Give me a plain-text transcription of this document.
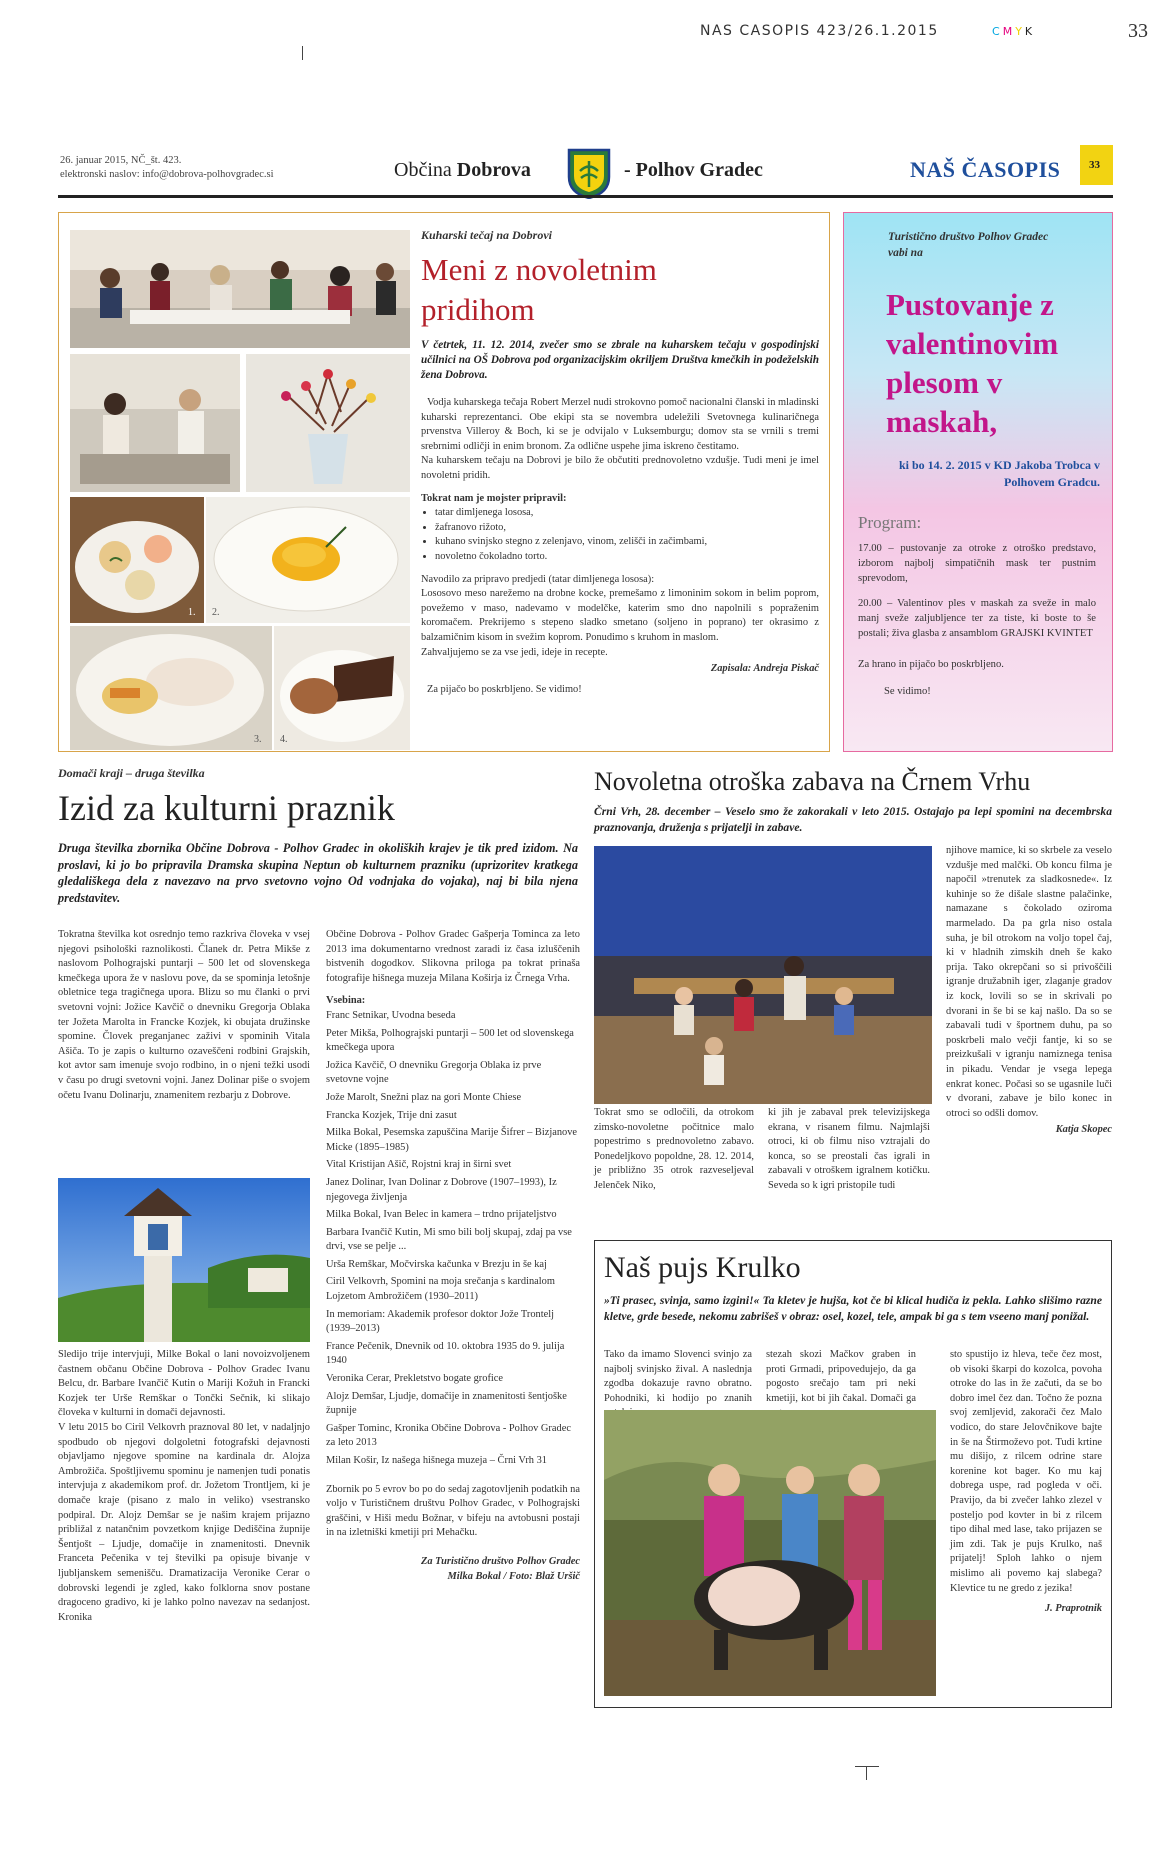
NAS CASOPIS 423/26.1.2015	CMYK	33
26. januar 2015, NČ_št. 423.
elektronski naslov: info@dobrova-polhovgradec.si	Občina Dobrova	- Polhov Gradec	NAŠ ČASOPIS	33
1. 2.
3. 4.
Kuharski tečaj na Dobrovi
Meni z novoletnim pridihom
V četrtek, 11. 12. 2014, zvečer smo se zbrale na kuharskem tečaju v gospodinjski učilnici na OŠ Dobrova pod organizacijskim okriljem Društva kmečkih in podeželskih žena Dobrova.

Vodja kuharskega tečaja Robert Merzel nudi strokovno pomoč nacionalni članski in mladinski kuharski reprezentanci. Obe ekipi sta se novembra udeležili Svetovnega kulinaričnega prvenstva Villeroy & Boch, ki se je odvijalo v Luksemburgu; domov sta se vrnili s tremi srebrnimi odličji in enim bronom. Za odlične uspehe jima iskreno čestitamo.

Na kuharskem tečaju na Dobrovi je bilo že občutiti prednovoletno vzdušje. Tudi meni je imel novoletni pridih.

Tokrat nam je mojster pripravil:

• tatar dimljenega lososa,
• žafranovo rižoto,
• kuhano svinjsko stegno z zelenjavo, vinom, zelišči in začimbami,
• novoletno čokoladno torto.

Navodilo za pripravo predjedi (tatar dimljenega lososa):

Lososovo meso narežemo na drobne kocke, premešamo z limoninim sokom in belim poprom, povežemo v maso, nadevamo v modelčke, katerim smo dno napolnili s popraženim koromačem. Prekrijemo s stepeno sladko smetano (soljeno in poprano) ter okrasimo z balzamičnim kisom in svežim koprom. Ponudimo s kruhom in maslom.

Zahvaljujemo se za vse jedi, ideje in recepte.

Zapisala: Andreja Piskač

Za pijačo bo poskrbljeno. Se vidimo!

Turistično društvo Polhov Gradec
vabi na
Pustovanje z valentinovim plesom v maskah,
ki bo 14. 2. 2015 v KD Jakoba Trobca v Polhovem Gradcu.
Program:

17.00 – pustovanje za otroke z otroško predstavo, izborom najbolj simpatičnih mask ter pustnim sprevodom,

20.00 – Valentinov ples v maskah za sveže in malo manj sveže zaljubljence ter za tiste, ki boste to še postali; živa glasba z ansamblom GRAJSKI KVINTET

Za hrano in pijačo bo poskrbljeno.

Se vidimo!

Domači kraji – druga številka
Izid za kulturni praznik
Druga številka zbornika Občine Dobrova - Polhov Gradec in okoliških krajev je tik pred izidom. Na proslavi, ki jo bo pripravila Dramska skupina Neptun ob kulturnem prazniku (uprizoritev kratkega gledališkega dela z navezavo na prvo svetovno vojno Od vodnjaka do vojaka), naj bi bila njena predstavitev.
Tokratna številka kot osrednjo temo razkriva človeka v vsej njegovi psihološki raznolikosti. Članek dr. Petra Mikše z naslovom Polhograjski puntarji – 500 let od slovenskega kmečkega upora že v naslovu pove, da se spominja letošnje obletnice tega tragičnega upora. Blizu so mu članki o prvi svetovni vojni: Jožice Kavčič o dnevniku Gregorja Oblaka ter Jožeta Marolta in Francke Kozjek, ki obujata družinske spomine. Človek preganjanec zaživi v spominih Vitala Ašiča. To je zapis o kulturno ozaveščeni rodbini Grajskih, kot avtor sam imenuje svojo rodbino, in o njeni težki usodi v času po drugi svetovni vojni. Janez Dolinar piše o svojem očetu Ivanu Dolinarju, znamenitem rezbarju z Dobrove.

Sledijo trije intervjuji, Milke Bokal o lani novoizvoljenem častnem občanu Občine Dobrova - Polhov Gradec Ivanu Belcu, dr. Barbare Ivančič Kutin o Mariji Kožuh in Francki Kozjek ter Urše Remškar o Tončki Sečnik, ki slikajo človeka v kulturni in domači dejavnosti.

V letu 2015 bo Ciril Velkovrh praznoval 80 let, v nadaljnjo spodbudo ob njegovi dolgoletni fotografski dejavnosti objavljamo njegove spomine na kardinala dr. Alojza Ambrožiča. Spoštljivemu spominu je namenjen tudi ponatis intervjuja z akademikom prof. dr. Jožetom Trontljem, ki je domače kraje (pisano z malo in veliko) vsestransko podpiral. Dr. Alojz Demšar se je našim krajem prijazno približal z natančnim povzetkom knjige Dediščina župnije Šentjošt – Ljudje, domačije in znamenitosti. Dnevnik Franceta Pečenika v tej številki pa opisuje bivanje v ljubljanskem semenišču. Dramatizacija Veronike Cerar o dobrovski legendi je zgled, kako folklorna snov postane dragoceno gradivo, ki je lahko polno navezav na sedanjost. Kronika

Občine Dobrova - Polhov Gradec Gašperja Tominca za leto 2013 ima dokumentarno vrednost zaradi iz časa izluščenih bistvenih dogodkov. Slikovna priloga pa tokrat prinaša fotografije hišnega muzeja Milana Koširja iz Črnega Vrha.

Vsebina:

Franc Setnikar, Uvodna beseda

Peter Mikša, Polhograjski puntarji – 500 let od slovenskega kmečkega upora

Jožica Kavčič, O dnevniku Gregorja Oblaka iz prve svetovne vojne

Jože Marolt, Snežni plaz na gori Monte Chiese

Francka Kozjek, Trije dni zasut

Milka Bokal, Pesemska zapuščina Marije Šifrer – Bizjanove Micke (1895–1985)

Vital Kristijan Ašič, Rojstni kraj in širni svet

Janez Dolinar, Ivan Dolinar z Dobrove (1907–1993), Iz njegovega življenja

Milka Bokal, Ivan Belec in kamera – trdno prijateljstvo

Barbara Ivančič Kutin, Mi smo bili bolj skupaj, zdaj pa vse drvi, vse se pelje ...

Urša Remškar, Močvirska kačunka v Brezju in še kaj

Ciril Velkovrh, Spomini na moja srečanja s kardinalom Lojzetom Ambrožičem (1930–2011)

In memoriam: Akademik profesor doktor Jože Trontelj (1939–2013)

France Pečenik, Dnevnik od 10. oktobra 1935 do 9. julija 1940

Veronika Cerar, Prekletstvo bogate grofice

Alojz Demšar, Ljudje, domačije in znamenitosti šentjoške župnije

Gašper Tominc, Kronika Občine Dobrova - Polhov Gradec za leto 2013

Milan Košir, Iz našega hišnega muzeja – Črni Vrh 31

Zbornik po 5 evrov bo po do sedaj zagotovljenih podatkih na voljo v Turističnem društvu Polhov Gradec, v Polhograjski graščini, v Hiši medu Božnar, v bifeju na avtobusni postaji in na izletniški kmetiji pri Mehačku.

Za Turistično društvo Polhov Gradec

Milka Bokal / Foto: Blaž Uršič

Novoletna otroška zabava na Črnem Vrhu
Črni Vrh, 28. december – Veselo smo že zakorakali v leto 2015. Ostajajo pa lepi spomini na decembrska praznovanja, druženja s prijatelji in zabave.
Tokrat smo se odločili, da otrokom zimsko-novoletne počitnice malo popestrimo s prednovoletno zabavo. Ponedeljkovo popoldne, 28. 12. 2014, je približno 35 otrok razveseljeval Jelenček Niko,
ki jih je zabaval prek televizijskega ekrana, v risanem filmu. Najmlajši otroci, ki ob filmu niso vztrajali do konca, so se preostali čas igrali in zabavali v otroškem igralnem kotičku. Seveda so k igri pristopile tudi

njihove mamice, ki so skrbele za veselo vzdušje med malčki. Ob koncu filma je napočil »trenutek za sladkosnede«. Iz kuhinje so že dišale slastne palačinke, namazane s čokolado oziroma marmelado. Da pa grla niso ostala suha, je bil otrokom na voljo topel čaj, ki v hladnih zimskih dneh še kako prija. Tako okrepčani so si privoščili igranje družabnih iger, zlaganje gradov iz kock, lovili so se in skrivali po dvorani in še bi se kaj našlo. Da so se zabavali tudi v športnem duhu, pa so poskrbeli malo večji fantje, ki so se preizkušali v igranju namiznega tenisa in pikadu. Vendar je vsega lepega enkrat konec. Počasi so se ugasnile luči v dvorani, zabave je bilo konec in otroci so odšli domov.

Katja Skopec

Naš pujs Krulko
»Ti prasec, svinja, samo izgini!« Ta kletev je hujša, kot če bi klical hudiča iz pekla. Lahko slišimo razne kletve, grde besede, nekomu zabrišeš v obraz: osel, kozel, tele, ampak bi ga s tem vseeno manj ponižal.
Tako da imamo Slovenci svinjo za najbolj svinjsko žival. A naslednja zgodba dokazuje ravno obratno. Pohodniki, ki hodijo po znanih
stezah skozi Mačkov graben in proti Grmadi, pripovedujejo, da ga pogosto srečajo tam pri neki kmetiji, kot bi jih čakal. Domači ga

sto spustijo iz hleva, teče čez most, ob visoki škarpi do kozolca, povoha otroke do las in že začuti, da se bo dobro imel čez dan. Točno že pozna svoj zemljevid, zakorači čez Malo vodico, do stare Jelovčnikove bajte in še na Štirmoževo pot. Tudi krtine mu dišijo, z rilcem odrine stare korenine kot bager. Ko mu kaj dobrega uspe, rad pogleda v oči. Pravijo, da bi zvečer lahko zlezel v posteljo pod kovter in bi z rilcem tipo dihal med lase, tako prijazen se jim zdi. Tak je pujs Krulko, naš prijatelj! Sploh lahko o njem mislimo ali povemo kaj slabega? Klevtice tu ne gredo z jezika!

J. Praprotnik
